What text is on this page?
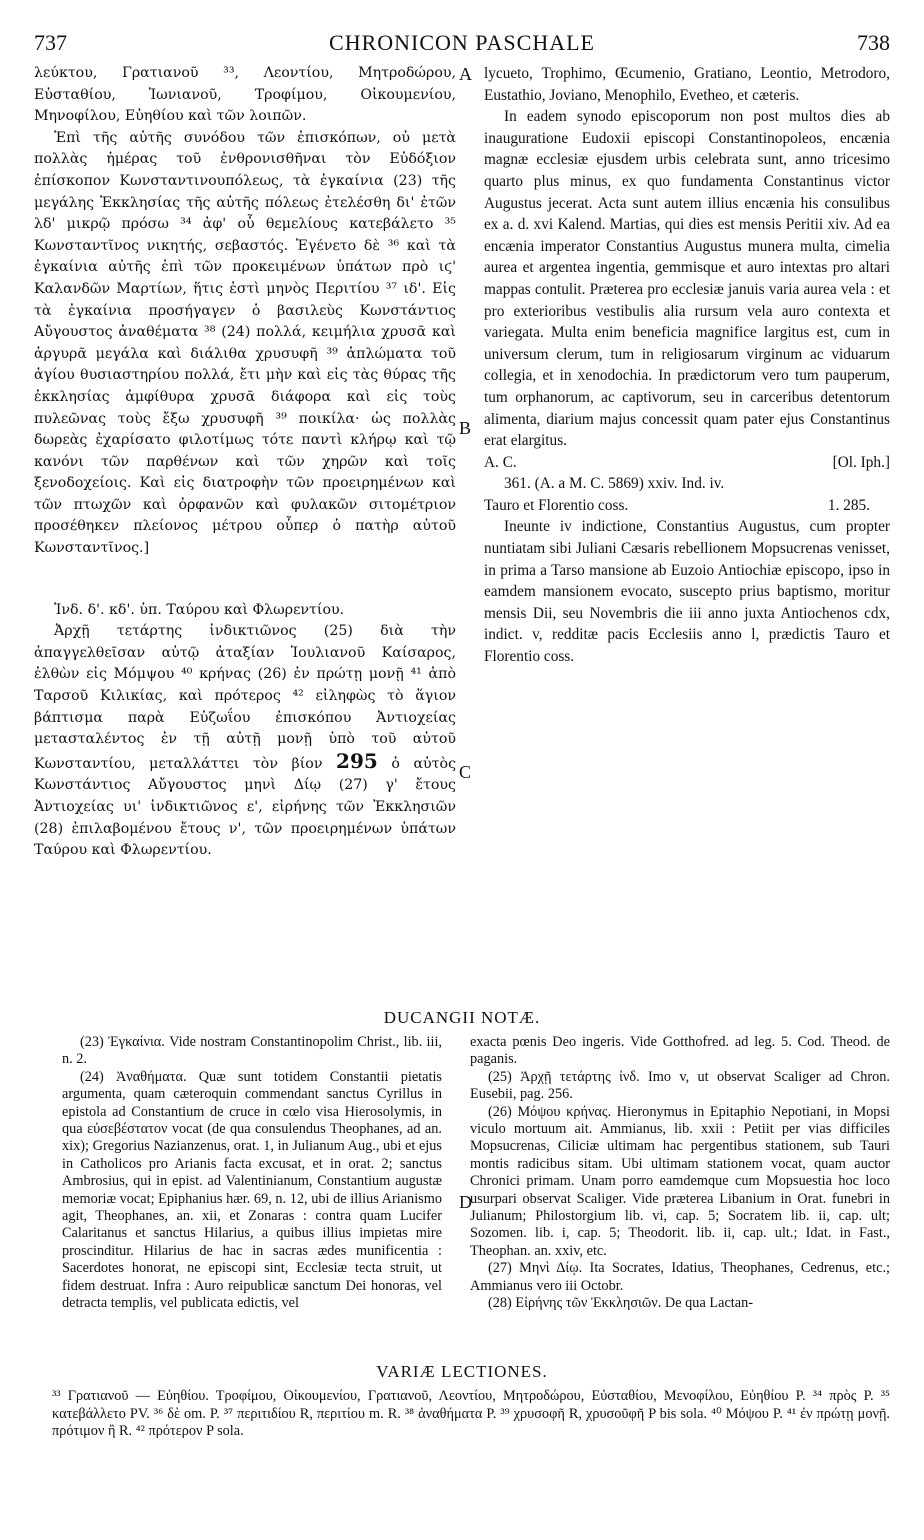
737	CHRONICON PASCHALE	738

λεύκτου, Γρατιανοῦ ³³, Λεοντίου, Μητροδώρου, Εὐσταθίου, Ἰωνιανοῦ, Τροφίμου, Οἰκουμενίου, Μηνοφίλου, Εὐηθίου καὶ τῶν λοιπῶν.

Ἐπὶ τῆς αὐτῆς συνόδου τῶν ἐπισκόπων, οὐ μετὰ πολλὰς ἡμέρας τοῦ ἐνθρονισθῆναι τὸν Εὐδόξιον ἐπίσκοπον Κωνσταντινουπόλεως, τὰ ἐγκαίνια (23) τῆς μεγάλης Ἐκκλησίας τῆς αὐτῆς πόλεως ἐτελέσθη δι' ἐτῶν λδ' μικρῷ πρόσω ³⁴ ἀφ' οὗ θεμελίους κατεβάλετο ³⁵ Κωνσταντῖνος νικητής, σεβαστός. Ἐγένετο δὲ ³⁶ καὶ τὰ ἐγκαίνια αὐτῆς ἐπὶ τῶν προκειμένων ὑπάτων πρὸ ιϛ' Καλανδῶν Μαρτίων, ἥτις ἐστὶ μηνὸς Περιτίου ³⁷ ιδ'. Εἰς τὰ ἐγκαίνια προσήγαγεν ὁ βασιλεὺς Κωνστάντιος Αὔγουστος ἀναθέματα ³⁸ (24) πολλά, κειμήλια χρυσᾶ καὶ ἀργυρᾶ μεγάλα καὶ διάλιθα χρυσυφῆ ³⁹ ἁπλώματα τοῦ ἁγίου θυσιαστηρίου πολλά, ἔτι μὴν καὶ εἰς τὰς θύρας τῆς ἐκκλησίας ἀμφίθυρα χρυσᾶ διάφορα καὶ εἰς τοὺς πυλεῶνας τοὺς ἔξω χρυσυφῆ ³⁹ ποικίλα· ὡς πολλὰς δωρεὰς ἐχαρίσατο φιλοτίμως τότε παντὶ κλήρῳ καὶ τῷ κανόνι τῶν παρθένων καὶ τῶν χηρῶν καὶ τοῖς ξενοδοχείοις. Καὶ εἰς διατροφὴν τῶν προειρημένων καὶ τῶν πτωχῶν καὶ ὀρφανῶν καὶ φυλακῶν σιτομέτριον προσέθηκεν πλείονος μέτρου οὗπερ ὁ πατὴρ αὐτοῦ Κωνσταντῖνος.]

Ἰνδ. δ'. κδ'. ὑπ. Ταύρου καὶ Φλωρεντίου.

Ἀρχῇ τετάρτης ἰνδικτιῶνος (25) διὰ τὴν ἀπαγγελθεῖσαν αὐτῷ ἀταξίαν Ἰουλιανοῦ Καίσαρος, ἐλθὼν εἰς Μόμψου ⁴⁰ κρήνας (26) ἐν πρώτῃ μονῇ ⁴¹ ἀπὸ Ταρσοῦ Κιλικίας, καὶ πρότερος ⁴² εἰληφὼς τὸ ἅγιον βάπτισμα παρὰ Εὐζωΐου ἐπισκόπου Ἀντιοχείας μετασταλέντος ἐν τῇ αὐτῇ μονῇ ὑπὸ τοῦ αὐτοῦ Κωνσταντίου, μεταλλάττει τὸν βίον 295 ὁ αὐτὸς Κωνστάντιος Αὔγουστος μηνὶ Δίῳ (27) γ' ἔτους Ἀντιοχείας υι' ἰνδικτιῶνος ε', εἰρήνης τῶν Ἐκκλησιῶν (28) ἐπιλαβομένου ἔτους ν', τῶν προειρημένων ὑπάτων Ταύρου καὶ Φλωρεντίου.

A
B
C
D

lycueto, Trophimo, Œcumenio, Gratiano, Leontio, Metrodoro, Eustathio, Joviano, Menophilo, Evetheo, et cæteris.

In eadem synodo episcoporum non post multos dies ab inauguratione Eudoxii episcopi Constantinopoleos, encænia magnæ ecclesiæ ejusdem urbis celebrata sunt, anno tricesimo quarto plus minus, ex quo fundamenta Constantinus victor Augustus jecerat. Acta sunt autem illius encænia his consulibus ex a. d. xvi Kalend. Martias, qui dies est mensis Peritii xiv. Ad ea encænia imperator Constantius Augustus munera multa, cimelia aurea et argentea ingentia, gemmisque et auro intextas pro altari mappas contulit. Præterea pro ecclesiæ januis varia aurea vela : et pro exterioribus vestibulis alia rursum vela auro contexta et variegata. Multa enim beneficia magnifice largitus est, cum in universum clerum, tum in religiosarum virginum ac viduarum collegia, et in xenodochia. In prædictorum vero tum pauperum, tum orphanorum, ac captivorum, seu in carceribus detentorum alimenta, diarium majus concessit quam pater ejus Constantinus erat elargitus.

A. C.	[Ol. Iph.]

361. (A. a M. C. 5869) xxiv. Ind. iv.

Tauro et Florentio coss.	1. 285.

Ineunte iv indictione, Constantius Augustus, cum propter nuntiatam sibi Juliani Cæsaris rebellionem Mopsucrenas venisset, in prima a Tarso mansione ab Euzoio Antiochiæ episcopo, ipso in eamdem mansionem evocato, suscepto prius baptismo, moritur mensis Dii, seu Novembris die iii anno juxta Antiochenos cdx, indict. v, redditæ pacis Ecclesiis anno l, prædictis Tauro et Florentio coss.

DUCANGII NOTÆ.

(23) Ἐγκαίνια. Vide nostram Constantinopolim Christ., lib. iii, n. 2.

(24) Ἀναθήματα. Quæ sunt totidem Constantii pietatis argumenta, quam cæteroquin commendant sanctus Cyrillus in epistola ad Constantium de cruce in cœlo visa Hierosolymis, in qua εὐσεβέστατον vocat (de qua consulendus Theophanes, ad an. xix); Gregorius Nazianzenus, orat. 1, in Julianum Aug., ubi et ejus in Catholicos pro Arianis facta excusat, et in orat. 2; sanctus Ambrosius, qui in epist. ad Valentinianum, Constantium augustæ memoriæ vocat; Epiphanius hær. 69, n. 12, ubi de illius Arianismo agit, Theophanes, an. xii, et Zonaras : contra quam Lucifer Calaritanus et sanctus Hilarius, a quibus illius impietas mire proscinditur. Hilarius de hac in sacras ædes munificentia : Sacerdotes honorat, ne episcopi sint, Ecclesiæ tecta struit, ut fidem destruat. Infra : Auro reipublicæ sanctum Dei honoras, vel detracta templis, vel publicata edictis, vel

exacta pœnis Deo ingeris. Vide Gotthofred. ad leg. 5. Cod. Theod. de paganis.

(25) Ἀρχῇ τετάρτης ἰνδ. Imo v, ut observat Scaliger ad Chron. Eusebii, pag. 256.

(26) Μόψου κρήνας. Hieronymus in Epitaphio Nepotiani, in Mopsi viculo mortuum ait. Ammianus, lib. xxii : Petiit per vias difficiles Mopsucrenas, Ciliciæ ultimam hac pergentibus stationem, sub Tauri montis radicibus sitam. Ubi ultimam stationem vocat, quam auctor Chronici primam. Unam porro eamdemque cum Mopsuestia hoc loco usurpari observat Scaliger. Vide præterea Libanium in Orat. funebri in Julianum; Philostorgium lib. vi, cap. 5; Socratem lib. ii, cap. ult; Sozomen. lib. i, cap. 5; Theodorit. lib. ii, cap. ult.; Idat. in Fast., Theophan. an. xxiv, etc.

(27) Μηνὶ Δίῳ. Ita Socrates, Idatius, Theophanes, Cedrenus, etc.; Ammianus vero iii Octobr.

(28) Εἰρήνης τῶν Ἐκκλησιῶν. De qua Lactan-

VARIÆ LECTIONES.
³³ Γρατιανοῦ — Εὐηθίου. Τροφίμου, Οἰκουμενίου, Γρατιανοῦ, Λεοντίου, Μητροδώρου, Εὐσταθίου, Μενοφίλου, Εὐηθίου P. ³⁴ πρὸς P. ³⁵ κατεβάλλετο PV. ³⁶ δὲ om. P. ³⁷ περιτιδίου R, περιτίου m. R. ³⁸ ἀναθήματα P. ³⁹ χρυσοφῆ R, χρυσοῦφῆ P bis sola. ⁴⁰ Μόψου P. ⁴¹ ἐν πρώτῃ μονῇ. πρότιμον ἢ R. ⁴² πρότερον P sola.
